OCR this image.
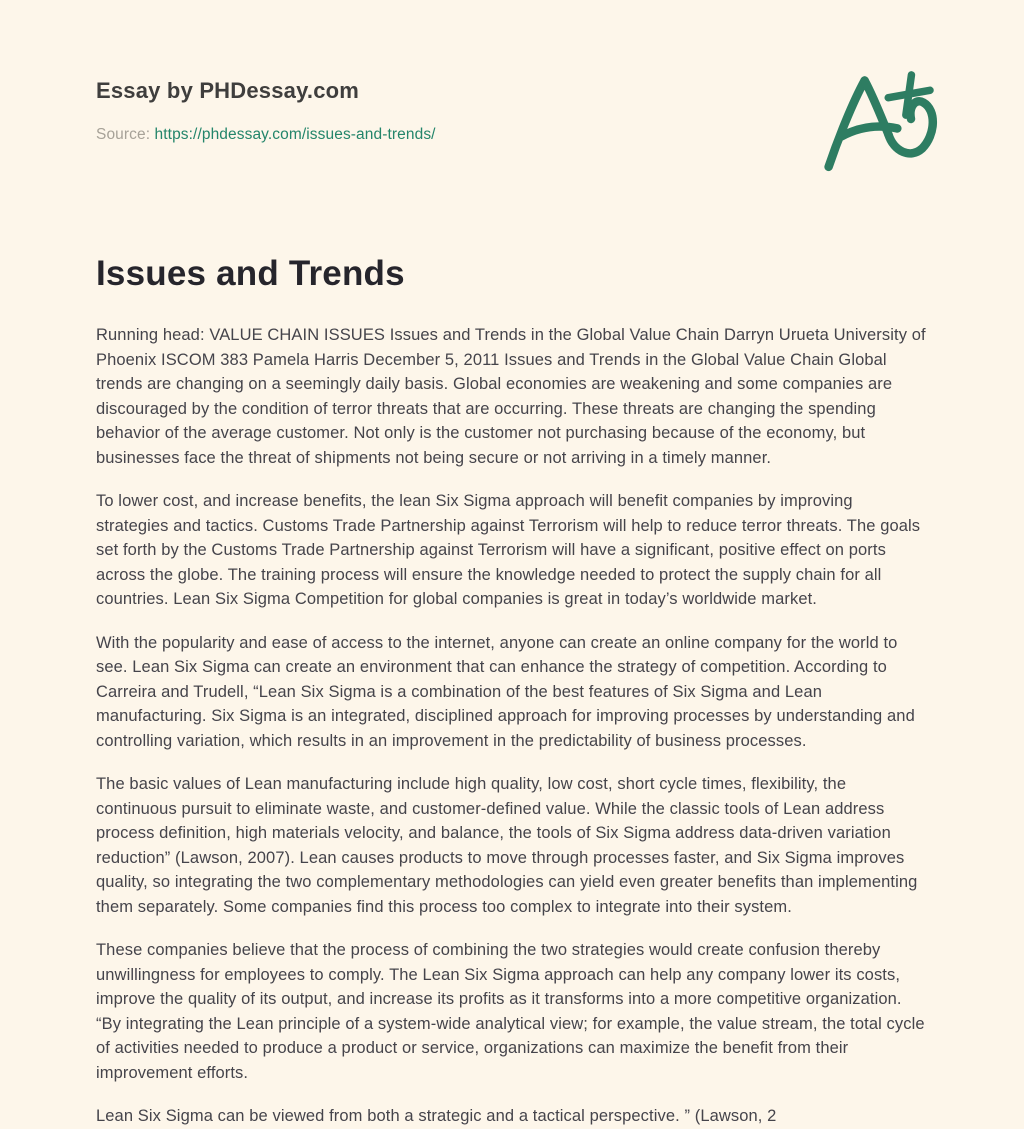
Essay by PHDessay.com
Source: https://phdessay.com/issues-and-trends/
Issues and Trends

Running head: VALUE CHAIN ISSUES Issues and Trends in the Global Value Chain Darryn Urueta University of Phoenix ISCOM 383 Pamela Harris December 5, 2011 Issues and Trends in the Global Value Chain Global trends are changing on a seemingly daily basis. Global economies are weakening and some companies are discouraged by the condition of terror threats that are occurring. These threats are changing the spending behavior of the average customer. Not only is the customer not purchasing because of the economy, but businesses face the threat of shipments not being secure or not arriving in a timely manner.

To lower cost, and increase benefits, the lean Six Sigma approach will benefit companies by improving strategies and tactics. Customs Trade Partnership against Terrorism will help to reduce terror threats. The goals set forth by the Customs Trade Partnership against Terrorism will have a significant, positive effect on ports across the globe. The training process will ensure the knowledge needed to protect the supply chain for all countries. Lean Six Sigma Competition for global companies is great in today’s worldwide market.

With the popularity and ease of access to the internet, anyone can create an online company for the world to see. Lean Six Sigma can create an environment that can enhance the strategy of competition. According to Carreira and Trudell, “Lean Six Sigma is a combination of the best features of Six Sigma and Lean manufacturing. Six Sigma is an integrated, disciplined approach for improving processes by understanding and controlling variation, which results in an improvement in the predictability of business processes.

The basic values of Lean manufacturing include high quality, low cost, short cycle times, flexibility, the continuous pursuit to eliminate waste, and customer-defined value. While the classic tools of Lean address process definition, high materials velocity, and balance, the tools of Six Sigma address data-driven variation reduction” (Lawson, 2007). Lean causes products to move through processes faster, and Six Sigma improves quality, so integrating the two complementary methodologies can yield even greater benefits than implementing them separately. Some companies find this process too complex to integrate into their system.

These companies believe that the process of combining the two strategies would create confusion thereby unwillingness for employees to comply. The Lean Six Sigma approach can help any company lower its costs, improve the quality of its output, and increase its profits as it transforms into a more competitive organization. “By integrating the Lean principle of a system-wide analytical view; for example, the value stream, the total cycle of activities needed to produce a product or service, organizations can maximize the benefit from their improvement efforts.

Lean Six Sigma can be viewed from both a strategic and a tactical perspective. ” (Lawson, 2
